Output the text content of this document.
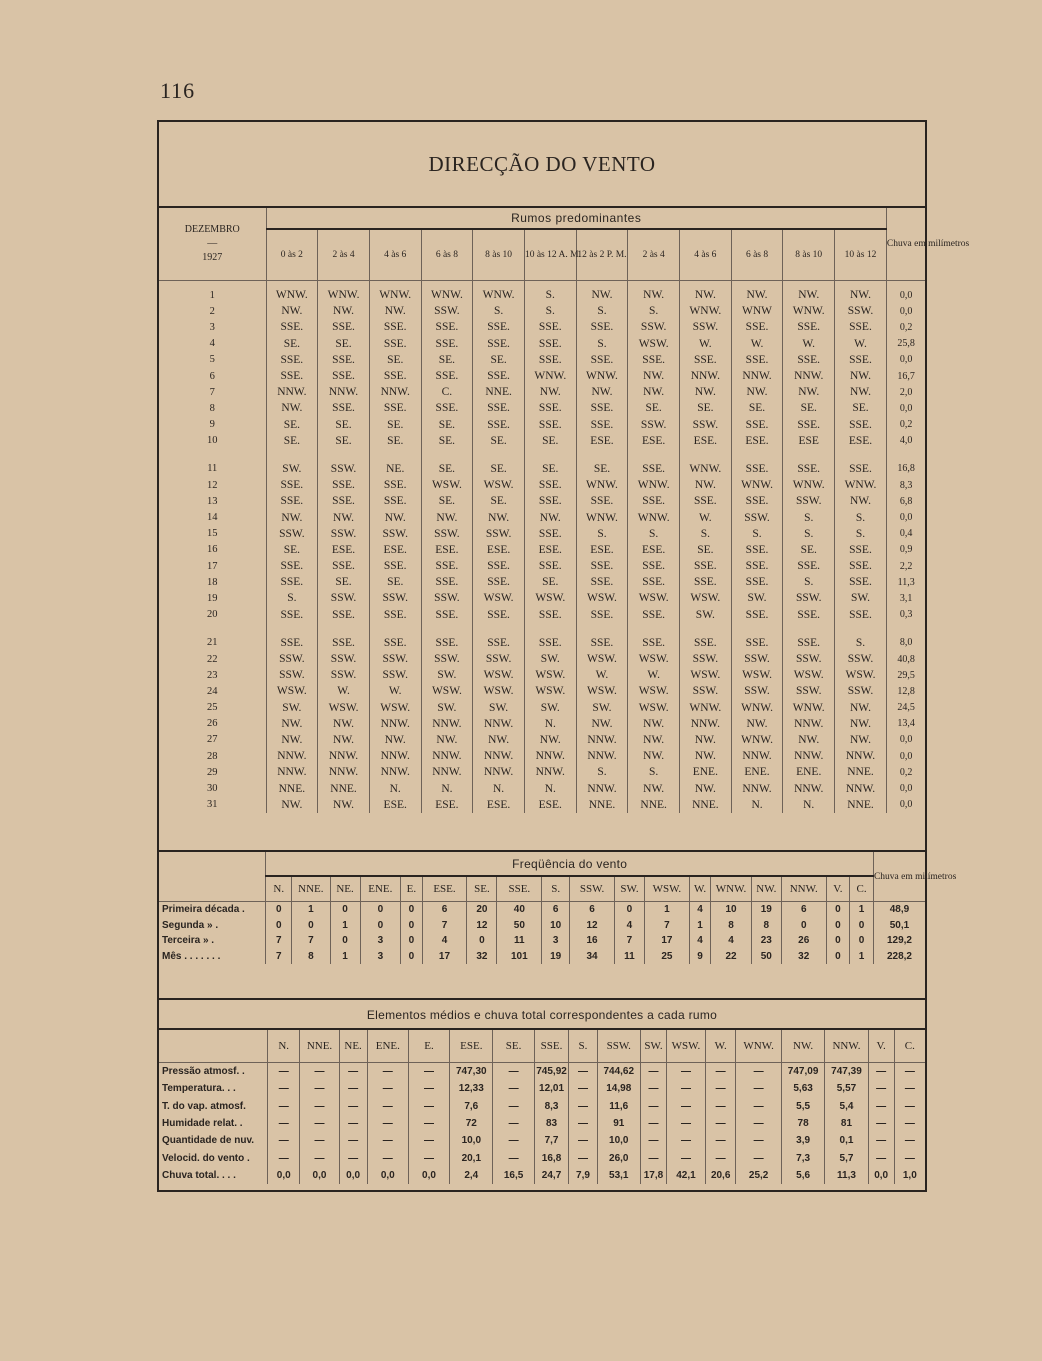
116
DIRECÇÃO DO VENTO
DEZEMBRO
—
1927	Rumos predominantes												Chuva em milímetros
	0 às 2	2 às 4	4 às 6	6 às 8	8 às 10	10 às 12 A. M.	12 às 2 P. M.	2 às 4	4 às 6	6 às 8	8 às 10	10 às 12	

1	WNW.	WNW.	WNW.	WNW.	WNW.	S.	NW.	NW.	NW.	NW.	NW.	NW.	0,0
2	NW.	NW.	NW.	SSW.	S.	S.	S.	S.	WNW.	WNW	WNW.	SSW.	0,0
3	SSE.	SSE.	SSE.	SSE.	SSE.	SSE.	SSE.	SSW.	SSW.	SSE.	SSE.	SSE.	0,2
4	SE.	SE.	SSE.	SSE.	SSE.	SSE.	S.	WSW.	W.	W.	W.	W.	25,8
5	SSE.	SSE.	SE.	SE.	SE.	SSE.	SSE.	SSE.	SSE.	SSE.	SSE.	SSE.	0,0
6	SSE.	SSE.	SSE.	SSE.	SSE.	WNW.	WNW.	NW.	NNW.	NNW.	NNW.	NW.	16,7
7	NNW.	NNW.	NNW.	C.	NNE.	NW.	NW.	NW.	NW.	NW.	NW.	NW.	2,0
8	NW.	SSE.	SSE.	SSE.	SSE.	SSE.	SSE.	SE.	SE.	SE.	SE.	SE.	0,0
9	SE.	SE.	SE.	SE.	SSE.	SSE.	SSE.	SSW.	SSW.	SSE.	SSE.	SSE.	0,2
10	SE.	SE.	SE.	SE.	SE.	SE.	ESE.	ESE.	ESE.	ESE.	ESE	ESE.	4,0

11	SW.	SSW.	NE.	SE.	SE.	SE.	SE.	SSE.	WNW.	SSE.	SSE.	SSE.	16,8
12	SSE.	SSE.	SSE.	WSW.	WSW.	SSE.	WNW.	WNW.	NW.	WNW.	WNW.	WNW.	8,3
13	SSE.	SSE.	SSE.	SE.	SE.	SSE.	SSE.	SSE.	SSE.	SSE.	SSW.	NW.	6,8
14	NW.	NW.	NW.	NW.	NW.	NW.	WNW.	WNW.	W.	SSW.	S.	S.	0,0
15	SSW.	SSW.	SSW.	SSW.	SSW.	SSE.	S.	S.	S.	S.	S.	S.	0,4
16	SE.	ESE.	ESE.	ESE.	ESE.	ESE.	ESE.	ESE.	SE.	SSE.	SE.	SSE.	0,9
17	SSE.	SSE.	SSE.	SSE.	SSE.	SSE.	SSE.	SSE.	SSE.	SSE.	SSE.	SSE.	2,2
18	SSE.	SE.	SE.	SSE.	SSE.	SE.	SSE.	SSE.	SSE.	SSE.	S.	SSE.	11,3
19	S.	SSW.	SSW.	SSW.	WSW.	WSW.	WSW.	WSW.	WSW.	SW.	SSW.	SW.	3,1
20	SSE.	SSE.	SSE.	SSE.	SSE.	SSE.	SSE.	SSE.	SW.	SSE.	SSE.	SSE.	0,3

21	SSE.	SSE.	SSE.	SSE.	SSE.	SSE.	SSE.	SSE.	SSE.	SSE.	SSE.	S.	8,0
22	SSW.	SSW.	SSW.	SSW.	SSW.	SW.	WSW.	WSW.	SSW.	SSW.	SSW.	SSW.	40,8
23	SSW.	SSW.	SSW.	SW.	WSW.	WSW.	W.	W.	WSW.	WSW.	WSW.	WSW.	29,5
24	WSW.	W.	W.	WSW.	WSW.	WSW.	WSW.	WSW.	SSW.	SSW.	SSW.	SSW.	12,8
25	SW.	WSW.	WSW.	SW.	SW.	SW.	SW.	WSW.	WNW.	WNW.	WNW.	NW.	24,5
26	NW.	NW.	NNW.	NNW.	NNW.	N.	NW.	NW.	NNW.	NW.	NNW.	NW.	13,4
27	NW.	NW.	NW.	NW.	NW.	NW.	NNW.	NW.	NW.	WNW.	NW.	NW.	0,0
28	NNW.	NNW.	NNW.	NNW.	NNW.	NNW.	NNW.	NW.	NW.	NNW.	NNW.	NNW.	0,0
29	NNW.	NNW.	NNW.	NNW.	NNW.	NNW.	S.	S.	ENE.	ENE.	ENE.	NNE.	0,2
30	NNE.	NNE.	N.	N.	N.	N.	NNW.	NW.	NW.	NNW.	NNW.	NNW.	0,0
31	NW.	NW.	ESE.	ESE.	ESE.	ESE.	NNE.	NNE.	NNE.	N.	N.	NNE.	0,0
	Freqüência do vento																		Chuva em milímetros
	N.	NNE.	NE.	ENE.	E.	ESE.	SE.	SSE.	S.	SSW.	SW.	WSW.	W.	WNW.	NW.	NNW.	V.	C.	
Primeira década .	0	1	0	0	0	6	20	40	6	6	0	1	4	10	19	6	0	1	48,9
Segunda » .	0	0	1	0	0	7	12	50	10	12	4	7	1	8	8	0	0	0	50,1
Terceira » .	7	7	0	3	0	4	0	11	3	16	7	17	4	4	23	26	0	0	129,2
Mês . . . . . . .	7	8	1	3	0	17	32	101	19	34	11	25	9	22	50	32	0	1	228,2
Elementos médios e chuva total correspondentes a cada rumo																		
	N.	NNE.	NE.	ENE.	E.	ESE.	SE.	SSE.	S.	SSW.	SW.	WSW.	W.	WNW.	NW.	NNW.	V.	C.
Pressão atmosf. .	—	—	—	—	—	747,30	—	745,92	—	744,62	—	—	—	—	747,09	747,39	—	—
Temperatura. . .	—	—	—	—	—	12,33	—	12,01	—	14,98	—	—	—	—	5,63	5,57	—	—
T. do vap. atmosf.	—	—	—	—	—	7,6	—	8,3	—	11,6	—	—	—	—	5,5	5,4	—	—
Humidade relat. .	—	—	—	—	—	72	—	83	—	91	—	—	—	—	78	81	—	—
Quantidade de nuv.	—	—	—	—	—	10,0	—	7,7	—	10,0	—	—	—	—	3,9	0,1	—	—
Velocid. do vento .	—	—	—	—	—	20,1	—	16,8	—	26,0	—	—	—	—	7,3	5,7	—	—
Chuva total. . . .	0,0	0,0	0,0	0,0	0,0	2,4	16,5	24,7	7,9	53,1	17,8	42,1	20,6	25,2	5,6	11,3	0,0	1,0
